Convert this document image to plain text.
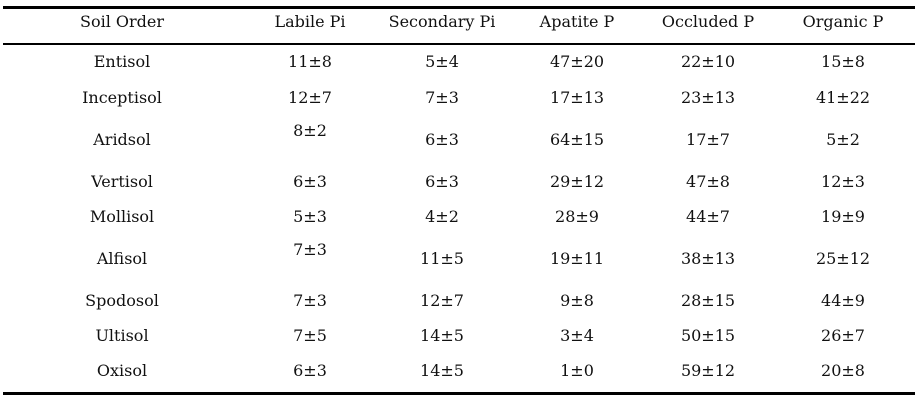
Soil Order	Labile Pi	Secondary Pi	Apatite P	Occluded P	Organic P
Entisol	11±8	5±4	47±20	22±10	15±8
Inceptisol	12±7	7±3	17±13	23±13	41±22
Aridsol	8±2	6±3	64±15	17±7	5±2
Vertisol	6±3	6±3	29±12	47±8	12±3
Mollisol	5±3	4±2	28±9	44±7	19±9
Alfisol	7±3	11±5	19±11	38±13	25±12
Spodosol	7±3	12±7	9±8	28±15	44±9
Ultisol	7±5	14±5	3±4	50±15	26±7
Oxisol	6±3	14±5	1±0	59±12	20±8
